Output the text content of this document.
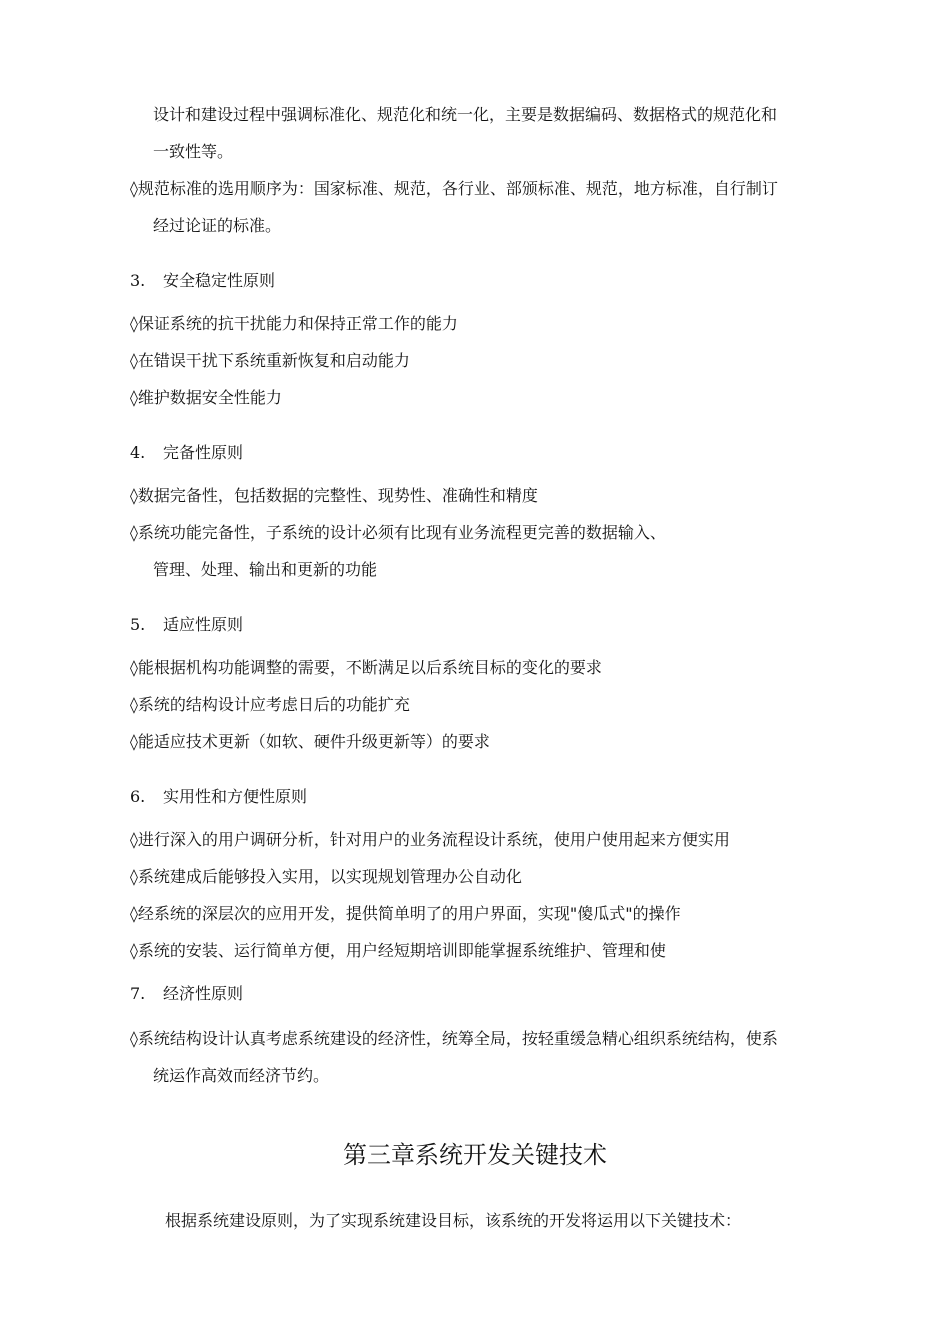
设计和建设过程中强调标准化、规范化和统一化，主要是数据编码、数据格式的规范化和
一致性等。
◊规范标准的选用顺序为：国家标准、规范，各行业、部颁标准、规范，地方标准，自行制订
经过论证的标准。
3. 安全稳定性原则
◊保证系统的抗干扰能力和保持正常工作的能力
◊在错误干扰下系统重新恢复和启动能力
◊维护数据安全性能力
4. 完备性原则
◊数据完备性，包括数据的完整性、现势性、准确性和精度
◊系统功能完备性，子系统的设计必须有比现有业务流程更完善的数据输入、
管理、处理、输出和更新的功能
5. 适应性原则
◊能根据机构功能调整的需要，不断满足以后系统目标的变化的要求
◊系统的结构设计应考虑日后的功能扩充
◊能适应技术更新（如软、硬件升级更新等）的要求
6. 实用性和方便性原则
◊进行深入的用户调研分析，针对用户的业务流程设计系统，使用户使用起来方便实用
◊系统建成后能够投入实用，以实现规划管理办公自动化
◊经系统的深层次的应用开发，提供简单明了的用户界面，实现"傻瓜式"的操作
◊系统的安装、运行简单方便，用户经短期培训即能掌握系统维护、管理和使
7. 经济性原则
◊系统结构设计认真考虑系统建设的经济性，统筹全局，按轻重缓急精心组织系统结构，使系
统运作高效而经济节约。
第三章系统开发关键技术
根据系统建设原则，为了实现系统建设目标，该系统的开发将运用以下关键技术：
